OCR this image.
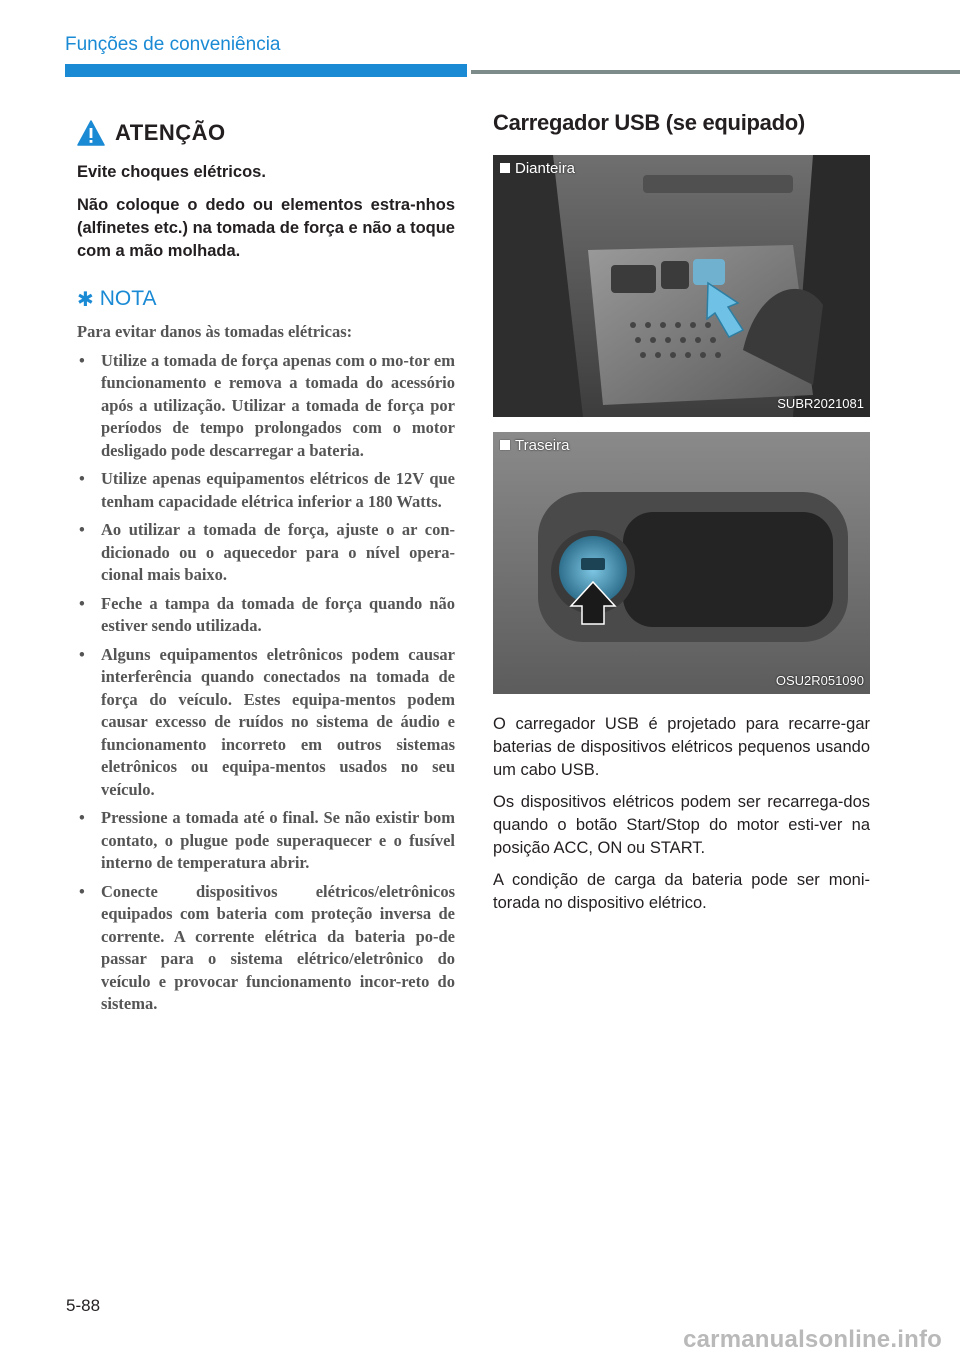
Funções de conveniência
ATENÇÃO

Evite choques elétricos.

Não coloque o dedo ou elementos estra-nhos (alfinetes etc.) na tomada de força e não a toque com a mão molhada.

✱ NOTA

Para evitar danos às tomadas elétricas:

• Utilize a tomada de força apenas com o mo-tor em funcionamento e remova a tomada do acessório após a utilização. Utilizar a tomada de força por períodos de tempo prolongados com o motor desligado pode descarregar a bateria.
• Utilize apenas equipamentos elétricos de 12V que tenham capacidade elétrica inferior a 180 Watts.
• Ao utilizar a tomada de força, ajuste o ar con-dicionado ou o aquecedor para o nível opera-cional mais baixo.
• Feche a tampa da tomada de força quando não estiver sendo utilizada.
• Alguns equipamentos eletrônicos podem causar interferência quando conectados na tomada de força do veículo. Estes equipa-mentos podem causar excesso de ruídos no sistema de áudio e funcionamento incorreto em outros sistemas eletrônicos ou equipa-mentos usados no seu veículo.
• Pressione a tomada até o final. Se não existir bom contato, o plugue pode superaquecer e o fusível interno de temperatura abrir.
• Conecte dispositivos elétricos/eletrônicos equipados com bateria com proteção inversa de corrente. A corrente elétrica da bateria po-de passar para o sistema elétrico/eletrônico do veículo e provocar funcionamento incor-reto do sistema.
Carregador USB (se equipado)
Dianteira
SUBR2021081
Traseira
OSU2R051090

O carregador USB é projetado para recarre-gar baterias de dispositivos elétricos pequenos usando um cabo USB.

Os dispositivos elétricos podem ser recarrega-dos quando o botão Start/Stop do motor esti-ver na posição ACC, ON ou START.

A condição de carga da bateria pode ser moni-torada no dispositivo elétrico.

5-88
carmanualsonline.info
